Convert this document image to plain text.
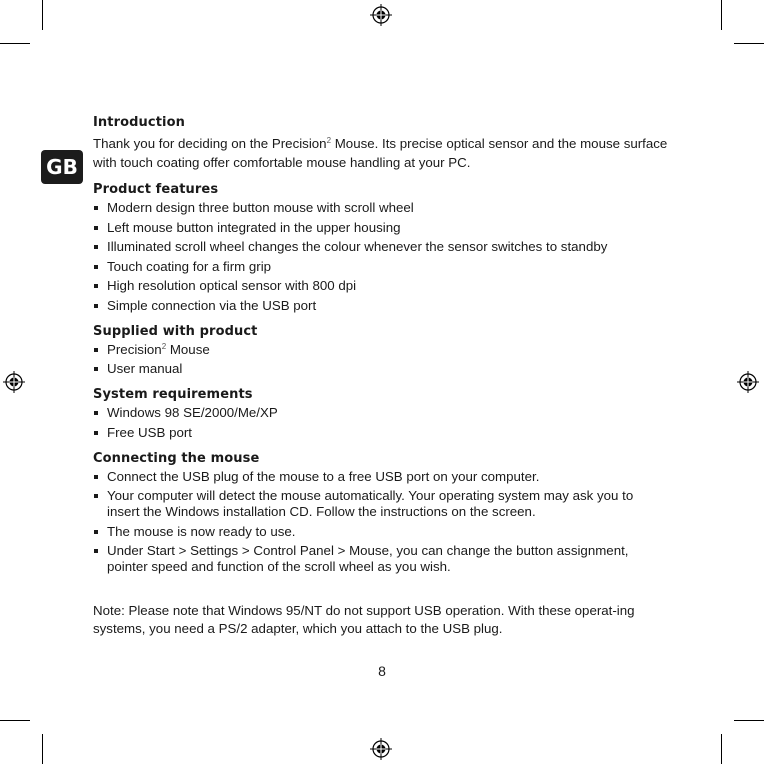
GB
Introduction

Thank you for deciding on the Precision$^2$ Mouse. Its precise optical sensor and the mouse surface with touch coating offer comfortable mouse handling at your PC.

Product features
Modern design three button mouse with scroll wheel
Left mouse button integrated in the upper housing
Illuminated scroll wheel changes the colour whenever the sensor switches to standby
Touch coating for a firm grip
High resolution optical sensor with 800 dpi
Simple connection via the USB port
Supplied with product
Precision$^2$ Mouse
User manual
System requirements
Windows 98 SE/2000/Me/XP
Free USB port
Connecting the mouse
Connect the USB plug of the mouse to a free USB port on your computer.
Your computer will detect the mouse automatically. Your operating system may ask you to insert the Windows installation CD. Follow the instructions on the screen.
The mouse is now ready to use.
Under Start > Settings > Control Panel > Mouse, you can change the button assignment, pointer speed and function of the scroll wheel as you wish.

Note: Please note that Windows 95/NT do not support USB operation. With these operat-ing systems, you need a PS/2 adapter, which you attach to the USB plug.

8
